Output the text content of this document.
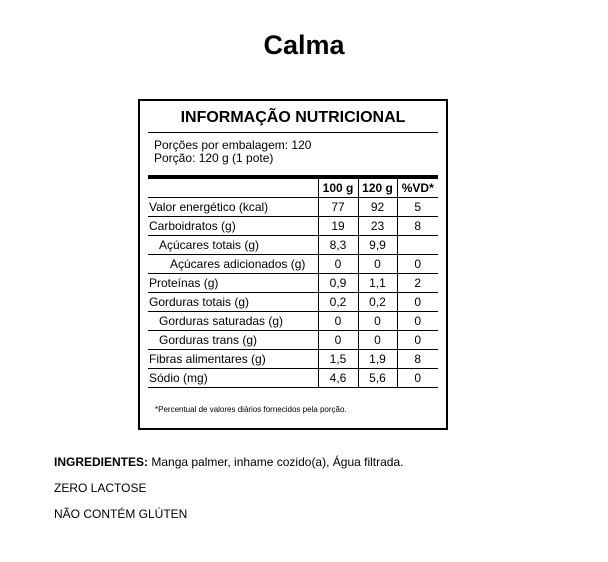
Calma
INFORMAÇÃO NUTRICIONAL
Porções por embalagem: 120
Porção: 120 g (1 pote)
	100 g	120 g	%VD*
Valor energético (kcal)	77	92	5
Carboidratos (g)	19	23	8
Açúcares totais (g)	8,3	9,9	
Açúcares adicionados (g)	0	0	0
Proteínas (g)	0,9	1,1	2
Gorduras totais (g)	0,2	0,2	0
Gorduras saturadas (g)	0	0	0
Gorduras trans (g)	0	0	0
Fibras alimentares (g)	1,5	1,9	8
Sódio (mg)	4,6	5,6	0
*Percentual de valores diários fornecidos pela porção.
INGREDIENTES: Manga palmer, inhame cozido(a), Água filtrada.
ZERO LACTOSE
NÃO CONTÉM GLÚTEN
